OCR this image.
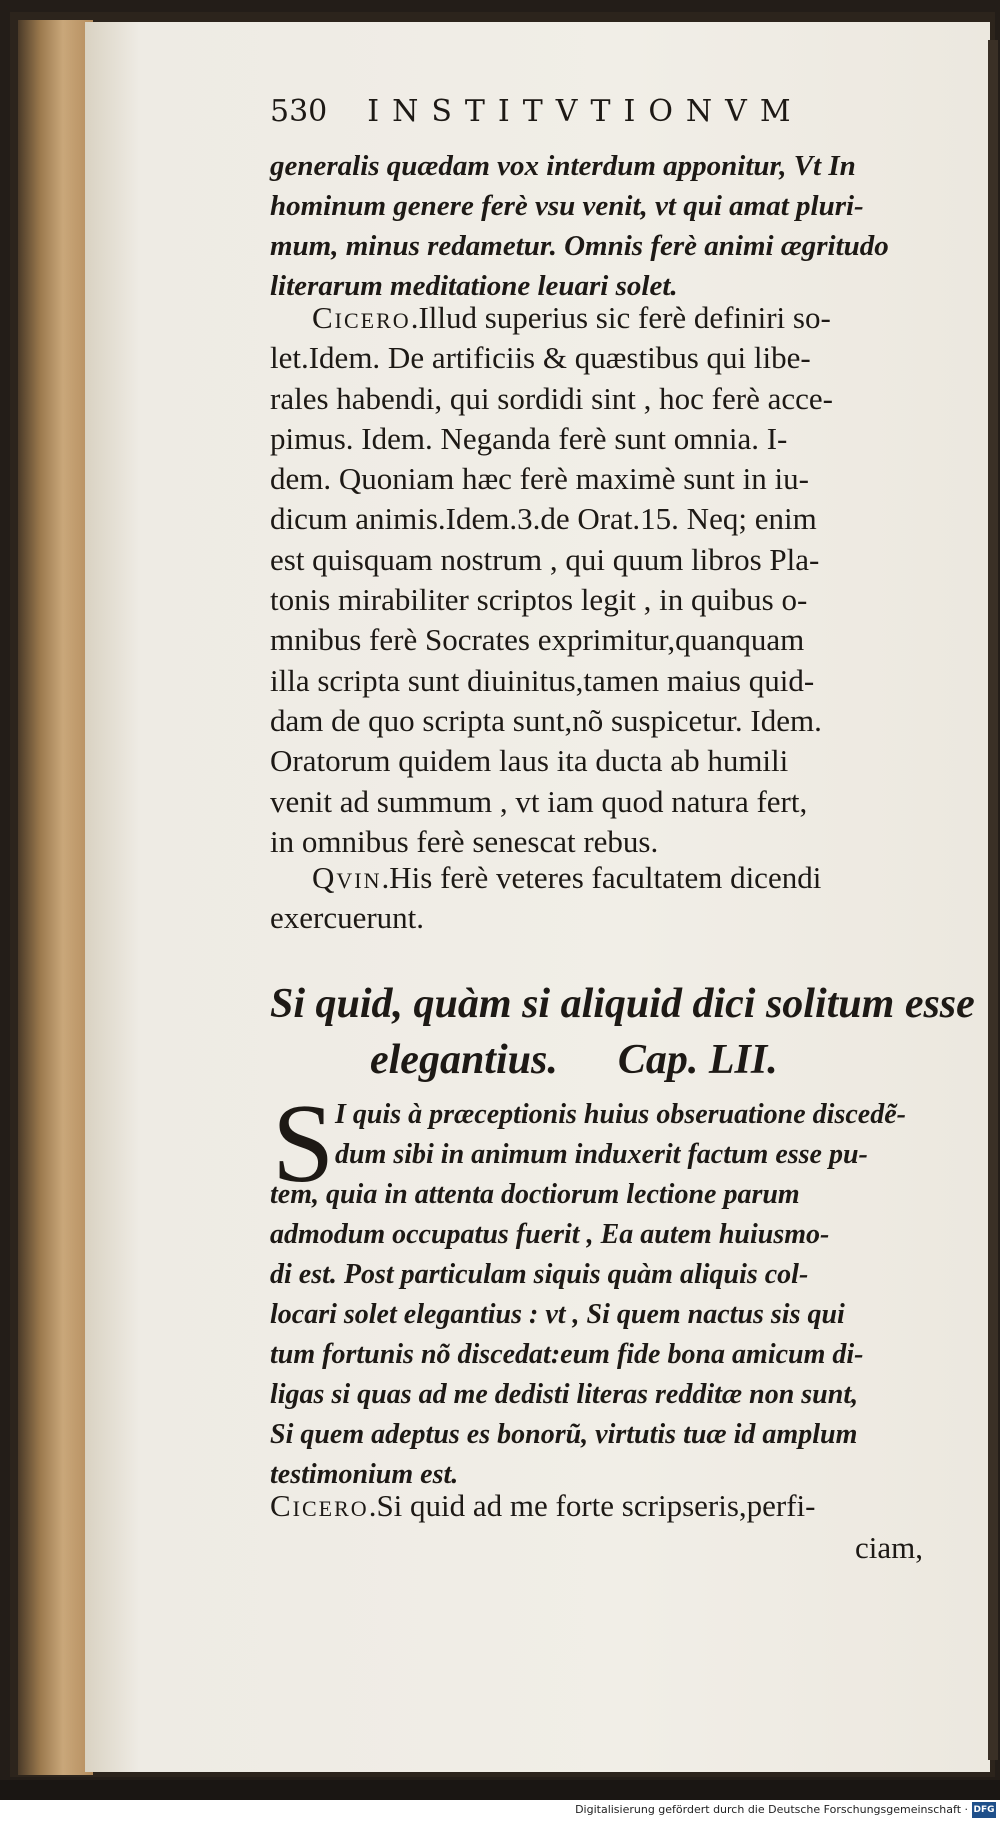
530 INSTITVTIONVM
generalis quædam vox interdum apponitur, Vt In
hominum genere ferè vsu venit, vt qui amat pluri-
mum, minus redametur. Omnis ferè animi ægritudo
literarum meditatione leuari solet.
Cicero.Illud superius sic ferè definiri so-
let.Idem. De artificiis & quæstibus qui libe-
rales habendi, qui sordidi sint , hoc ferè acce-
pimus. Idem. Neganda ferè sunt omnia. I-
dem. Quoniam hæc ferè maximè sunt in iu-
dicum animis.Idem.3.de Orat.15. Neq; enim
est quisquam nostrum , qui quum libros Pla-
tonis mirabiliter scriptos legit , in quibus o-
mnibus ferè Socrates exprimitur,quanquam
illa scripta sunt diuinitus,tamen maius quid-
dam de quo scripta sunt,nõ suspicetur. Idem.
Oratorum quidem laus ita ducta ab humili
venit ad summum , vt iam quod natura fert,
in omnibus ferè senescat rebus.
Qvin.His ferè veteres facultatem dicendi
exercuerunt.
Si quid, quàm si aliquid dici solitum esse
elegantius. Cap. LII.
S I quis à præceptionis huius obseruatione discedẽ-
dum sibi in animum induxerit factum esse pu-
tem, quia in attenta doctiorum lectione parum
admodum occupatus fuerit , Ea autem huiusmo-
di est. Post particulam siquis quàm aliquis col-
locari solet elegantius : vt , Si quem nactus sis qui
tum fortunis nõ discedat:eum fide bona amicum di-
ligas si quas ad me dedisti literas redditæ non sunt,
Si quem adeptus es bonorũ, virtutis tuæ id amplum
testimonium est.
Cicero.Si quid ad me forte scripseris,perfi-
ciam,
Digitalisierung gefördert durch die Deutsche Forschungsgemeinschaft · DFG
